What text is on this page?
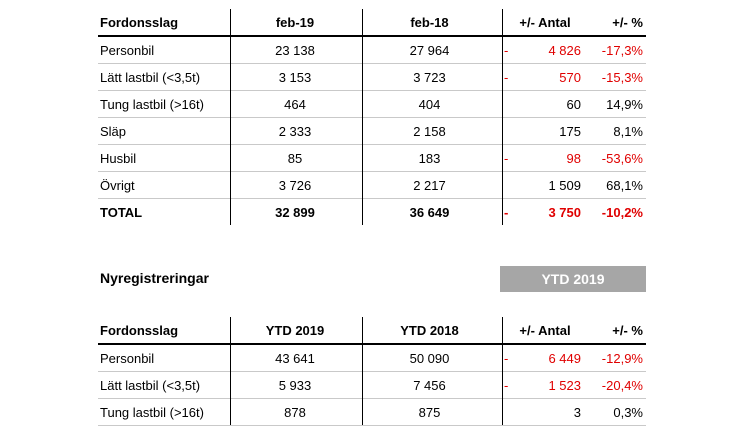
Fordonsslag	feb-19	feb-18	+/- Antal	+/- %
Personbil	23 138	27 964	-	4 826	-17,3%
Lätt lastbil (<3,5t)	3 153	3 723	-	570	-15,3%
Tung lastbil (>16t)	464	404	60	14,9%
Släp	2 333	2 158	175	8,1%
Husbil	85	183	-	98	-53,6%
Övrigt	3 726	2 217	1 509	68,1%
TOTAL	32 899	36 649	-	3 750	-10,2%
Nyregistreringar	YTD 2019
Fordonsslag	YTD 2019	YTD 2018	+/- Antal	+/- %
Personbil	43 641	50 090	-	6 449	-12,9%
Lätt lastbil (<3,5t)	5 933	7 456	-	1 523	-20,4%
Tung lastbil (>16t)	878	875	3	0,3%
